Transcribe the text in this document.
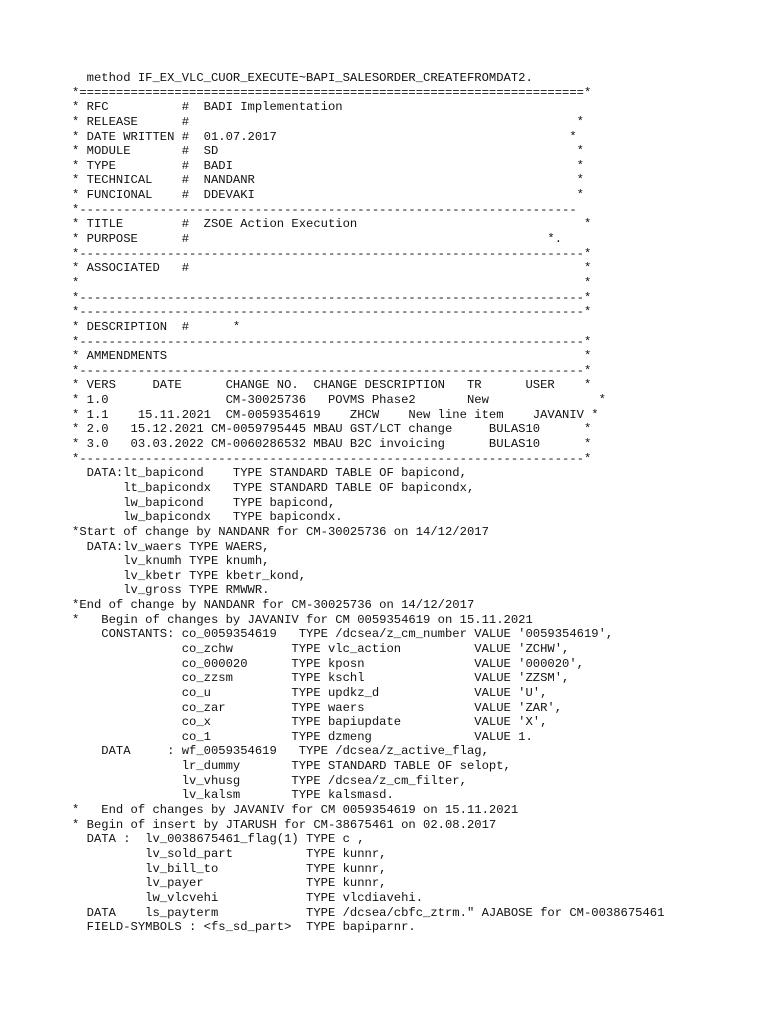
method IF_EX_VLC_CUOR_EXECUTE~BAPI_SALESORDER_CREATEFROMDAT2.
*=====================================================================*
* RFC          #  BADI Implementation
* RELEASE      #                                                     *
* DATE WRITTEN #  01.07.2017                                        *
* MODULE       #  SD                                                 *
* TYPE         #  BADI                                               *
* TECHNICAL    #  NANDANR                                            *
* FUNCIONAL    #  DDEVAKI                                            *
*--------------------------------------------------------------------
* TITLE        #  ZSOE Action Execution                               *
* PURPOSE      #                                                 *.
*---------------------------------------------------------------------*
* ASSOCIATED   #                                                      *
*                                                                     *
*---------------------------------------------------------------------*
*---------------------------------------------------------------------*
* DESCRIPTION  #      *
*---------------------------------------------------------------------*
* AMMENDMENTS                                                         *
*---------------------------------------------------------------------*
* VERS     DATE      CHANGE NO.  CHANGE DESCRIPTION   TR      USER    *
* 1.0                CM-30025736   POVMS Phase2       New               *
* 1.1    15.11.2021  CM-0059354619    ZHCW    New line item    JAVANIV *
* 2.0   15.12.2021 CM-0059795445 MBAU GST/LCT change     BULAS10      *
* 3.0   03.03.2022 CM-0060286532 MBAU B2C invoicing      BULAS10      *
*---------------------------------------------------------------------*
DATA:lt_bapicond    TYPE STANDARD TABLE OF bapicond,
lt_bapicondx   TYPE STANDARD TABLE OF bapicondx,
lw_bapicond    TYPE bapicond,
lw_bapicondx   TYPE bapicondx.
*Start of change by NANDANR for CM-30025736 on 14/12/2017
DATA:lv_waers TYPE WAERS,
lv_knumh TYPE knumh,
lv_kbetr TYPE kbetr_kond,
lv_gross TYPE RMWWR.
*End of change by NANDANR for CM-30025736 on 14/12/2017
*   Begin of changes by JAVANIV for CM 0059354619 on 15.11.2021
CONSTANTS: co_0059354619   TYPE /dcsea/z_cm_number VALUE '0059354619',
co_zchw        TYPE vlc_action          VALUE 'ZCHW',
co_000020      TYPE kposn               VALUE '000020',
co_zzsm        TYPE kschl               VALUE 'ZZSM',
co_u           TYPE updkz_d             VALUE 'U',
co_zar         TYPE waers               VALUE 'ZAR',
co_x           TYPE bapiupdate          VALUE 'X',
co_1           TYPE dzmeng              VALUE 1.
DATA     : wf_0059354619   TYPE /dcsea/z_active_flag,
lr_dummy       TYPE STANDARD TABLE OF selopt,
lv_vhusg       TYPE /dcsea/z_cm_filter,
lv_kalsm       TYPE kalsmasd.
*   End of changes by JAVANIV for CM 0059354619 on 15.11.2021
* Begin of insert by JTARUSH for CM-38675461 on 02.08.2017
DATA :  lv_0038675461_flag(1) TYPE c ,
lv_sold_part          TYPE kunnr,
lv_bill_to            TYPE kunnr,
lv_payer              TYPE kunnr,
lw_vlcvehi            TYPE vlcdiavehi.
DATA    ls_payterm            TYPE /dcsea/cbfc_ztrm." AJABOSE for CM-0038675461
FIELD-SYMBOLS : <fs_sd_part>  TYPE bapiparnr.
